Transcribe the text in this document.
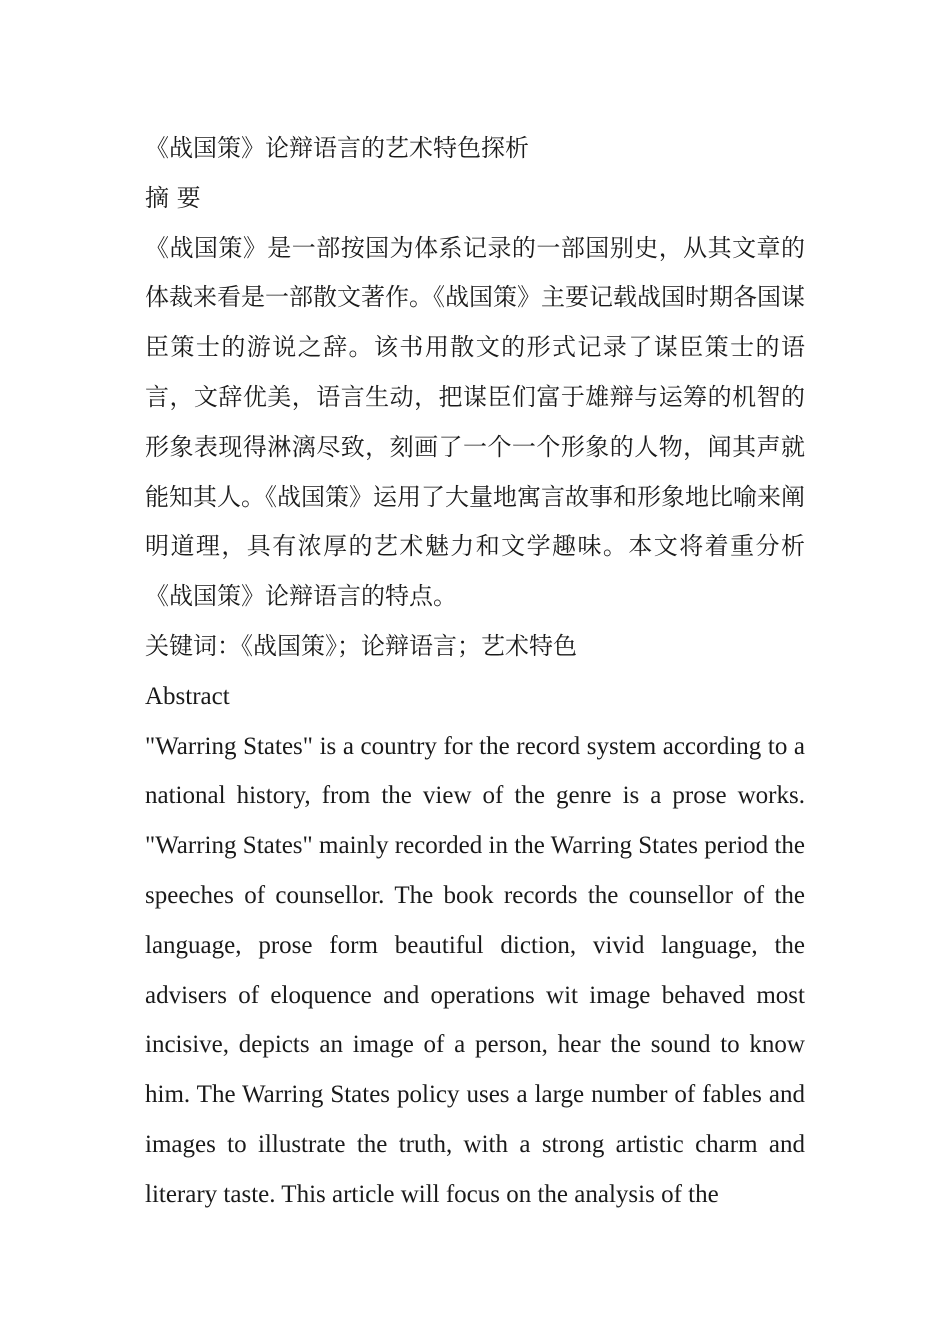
《战国策》论辩语言的艺术特色探析

摘 要

《战国策》是一部按国为体系记录的一部国别史，从其文章的体裁来看是一部散文著作。《战国策》主要记载战国时期各国谋臣策士的游说之辞。该书用散文的形式记录了谋臣策士的语言，文辞优美，语言生动，把谋臣们富于雄辩与运筹的机智的形象表现得淋漓尽致，刻画了一个一个形象的人物，闻其声就能知其人。《战国策》运用了大量地寓言故事和形象地比喻来阐明道理，具有浓厚的艺术魅力和文学趣味。本文将着重分析《战国策》论辩语言的特点。

关键词：《战国策》；论辩语言；艺术特色

Abstract

"Warring States" is a country for the record system according to a national history, from the view of the genre is a prose works. "Warring States" mainly recorded in the Warring States period the speeches of counsellor. The book records the counsellor of the language, prose form beautiful diction, vivid language, the advisers of eloquence and operations wit image behaved most incisive, depicts an image of a person, hear the sound to know him. The Warring States policy uses a large number of fables and images to illustrate the truth, with a strong artistic charm and literary taste. This article will focus on the analysis of the
